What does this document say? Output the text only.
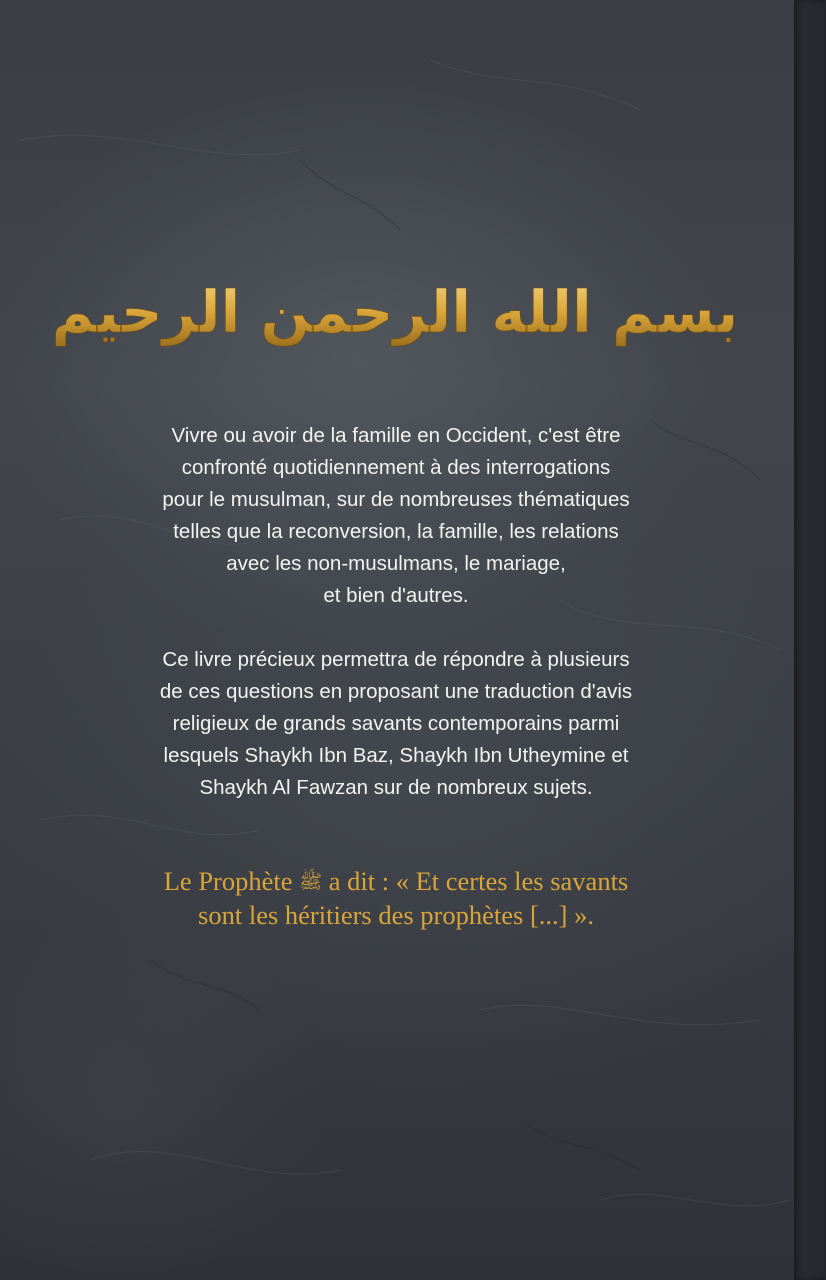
بسم الله الرحمن الرحيم

Vivre ou avoir de la famille en Occident, c'est être
confronté quotidiennement à des interrogations
pour le musulman, sur de nombreuses thématiques
telles que la reconversion, la famille, les relations
avec les non-musulmans, le mariage,
et bien d'autres.

Ce livre précieux permettra de répondre à plusieurs
de ces questions en proposant une traduction d'avis
religieux de grands savants contemporains parmi
lesquels Shaykh Ibn Baz, Shaykh Ibn Utheymine et
Shaykh Al Fawzan sur de nombreux sujets.

Le Prophète ﷺ a dit : « Et certes les savants
sont les héritiers des prophètes [...] ».
